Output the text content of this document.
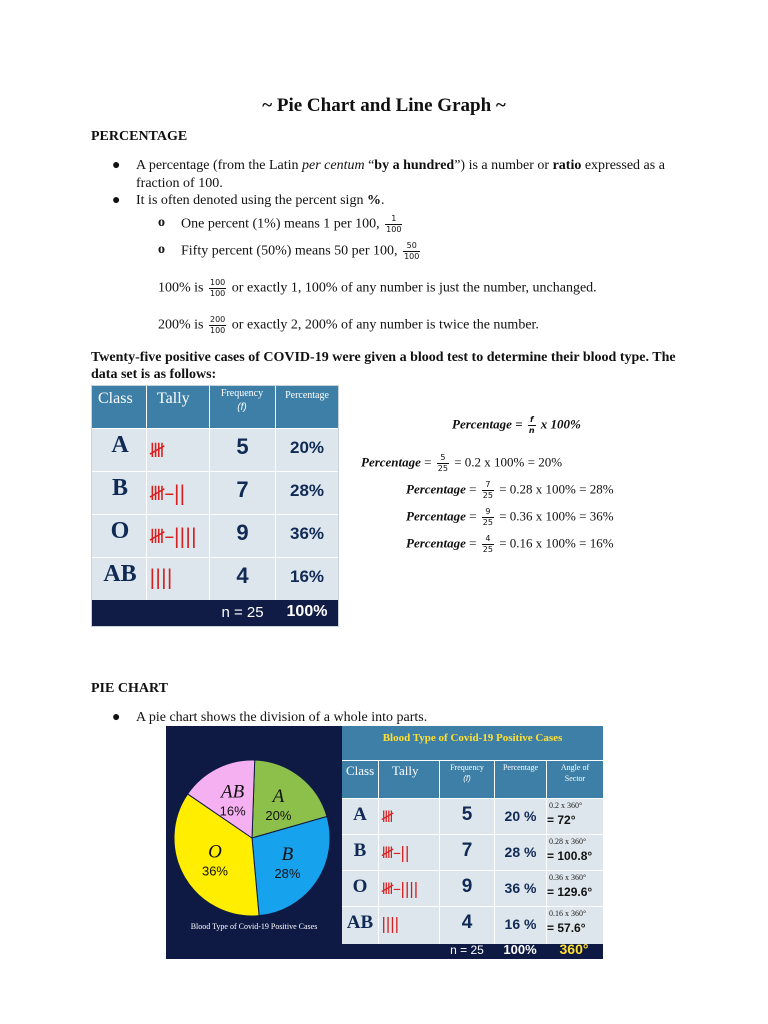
~ Pie Chart and Line Graph ~
PERCENTAGE
● A percentage (from the Latin per centum “by a hundred”) is a number or ratio expressed as a
fraction of 100.
● It is often denoted using the percent sign %.
o One percent (1%) means 1 per 100, $\frac{1}{100}$
o Fifty percent (50%) means 50 per 100, $\frac{50}{100}$
100% is $\frac{100}{100}$ or exactly 1, 100% of any number is just the number, unchanged.
200% is $\frac{200}{100}$ or exactly 2, 200% of any number is twice the number.
Twenty-five positive cases of COVID-19 were given a blood test to determine their blood type. The
data set is as follows:
Class Tally	Frequency
(f)
Percentage
A	𝍸	5	20%
B	𝍸–||	7	28%
O 𝍸–||||	9	36%
AB ||||	4	16%
n = 25	100%
Percentage = $\frac{f}{n}$ x 100%
Percentage = $\frac{5}{25} = 0.2$ x 100% = 20%
Percentage = $\frac{7}{25} = 0.28$ x 100% = 28%
Percentage = $\frac{9}{25} = 0.36$ x 100% = 36%
Percentage = $\frac{4}{25} = 0.16$ x 100% = 16%
PIE CHART
● A pie chart shows the division of a whole into parts.
A
20%
B
28%
O
36%
AB
16%
Blood Type of Covid-19 Positive Cases
Blood Type of Covid-19 Positive Cases
Class Tally	Frequency
(f)
Percentage	Angle of
Sector
A 𝍸	5	20 %
0.2 x 360°
= 72°
B 𝍸–||	7	28 %
0.28 x 360°
= 100.8°
O 𝍸–||||	9	36 %
0.36 x 360°
= 129.6°
AB ||||	4	16 %
0.16 x 360°
= 57.6°
n = 25	100%	360°
